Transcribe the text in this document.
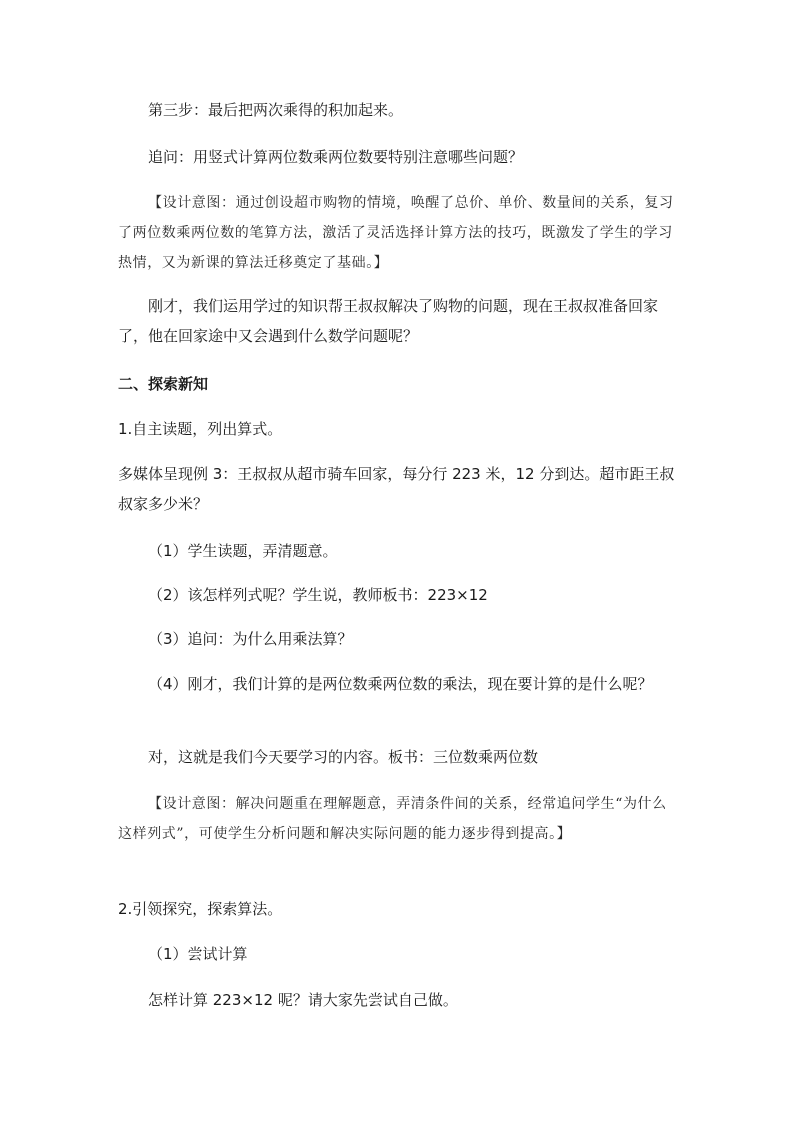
第三步：最后把两次乘得的积加起来。

追问：用竖式计算两位数乘两位数要特别注意哪些问题？

【设计意图：通过创设超市购物的情境，唤醒了总价、单价、数量间的关系，复习了两位数乘两位数的笔算方法，激活了灵活选择计算方法的技巧，既激发了学生的学习热情，又为新课的算法迁移奠定了基础。】

刚才，我们运用学过的知识帮王叔叔解决了购物的问题，现在王叔叔准备回家了，他在回家途中又会遇到什么数学问题呢？

二、探索新知

1.自主读题，列出算式。

多媒体呈现例 3：王叔叔从超市骑车回家，每分行 223 米，12 分到达。超市距王叔叔家多少米？

（1）学生读题，弄清题意。

（2）该怎样列式呢？学生说，教师板书：223×12

（3）追问：为什么用乘法算？

（4）刚才，我们计算的是两位数乘两位数的乘法，现在要计算的是什么呢？

对，这就是我们今天要学习的内容。板书：三位数乘两位数

【设计意图：解决问题重在理解题意，弄清条件间的关系，经常追问学生“为什么这样列式”，可使学生分析问题和解决实际问题的能力逐步得到提高。】

2.引领探究，探索算法。

（1）尝试计算

怎样计算 223×12 呢？请大家先尝试自己做。
